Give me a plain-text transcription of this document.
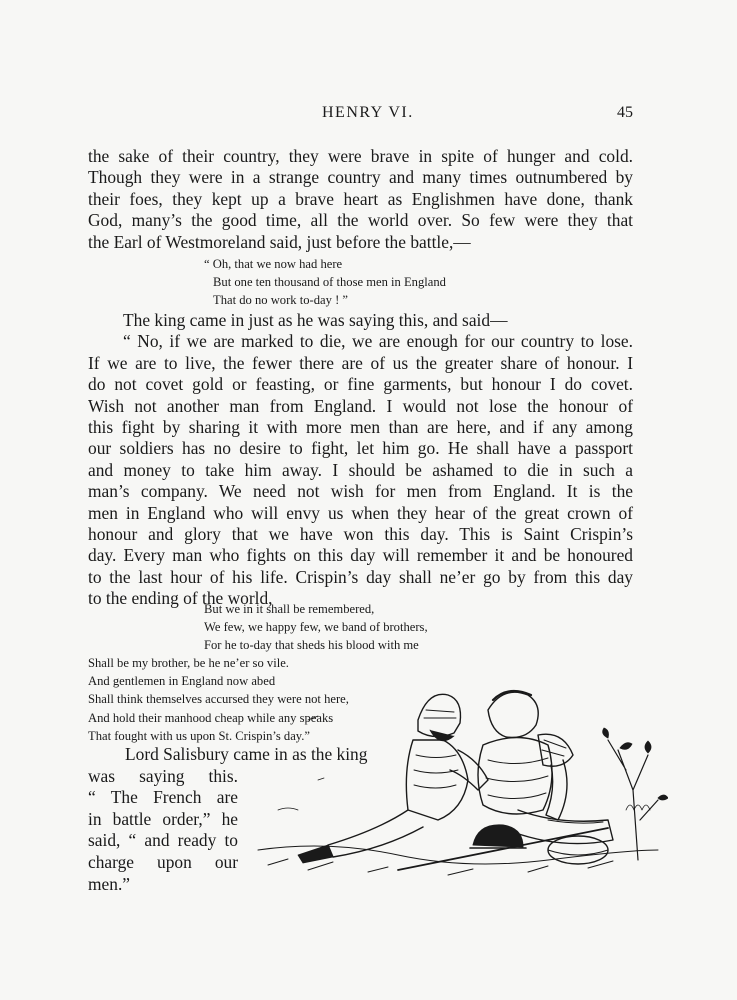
HENRY VI.	45
the sake of their country, they were brave in spite of hunger and cold.
Though they were in a strange country and many times outnumbered by
their foes, they kept up a brave heart as Englishmen have done, thank
God, many’s the good time, all the world over. So few were they that
the Earl of Westmoreland said, just before the battle,—
“ Oh, that we now had here
But one ten thousand of those men in England
That do no work to-day ! ”
The king came in just as he was saying this, and said—
“ No, if we are marked to die, we are enough for our country to lose.
If we are to live, the fewer there are of us the greater share of honour. I
do not covet gold or feasting, or fine garments, but honour I do covet.
Wish not another man from England. I would not lose the honour of
this fight by sharing it with more men than are here, and if any among
our soldiers has no desire to fight, let him go. He shall have a passport
and money to take him away. I should be ashamed to die in such a
man’s company. We need not wish for men from England. It is the
men in England who will envy us when they hear of the great crown of
honour and glory that we have won this day. This is Saint Crispin’s
day. Every man who fights on this day will remember it and be honoured
to the last hour of his life. Crispin’s day shall ne’er go by from this day
to the ending of the world,
But we in it shall be remembered,
We few, we happy few, we band of brothers,
For he to-day that sheds his blood with me
Shall be my brother, be he ne’er so vile.
And gentlemen in England now abed
Shall think themselves accursed they were not here,
And hold their manhood cheap while any speaks
That fought with us upon St. Crispin’s day.”
Lord Salisbury came in as the king
was saying this.
“ The French are
in battle order,” he
said, “ and ready to
charge upon our
men.”
